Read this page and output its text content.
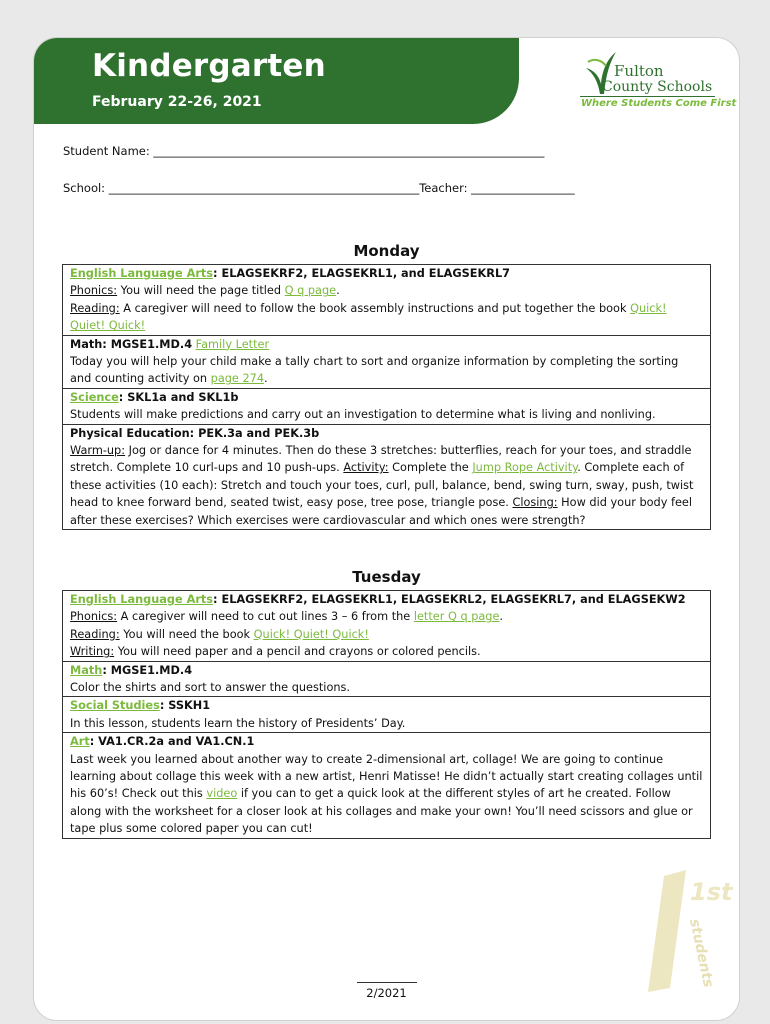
Kindergarten
February 22-26, 2021
Fulton
County Schools
Where Students Come First
Student Name: ____________________________________________________________________
School: ______________________________________________________Teacher: __________________
Monday
English Language Arts: ELAGSEKRF2, ELAGSEKRL1, and ELAGSEKRL7
Phonics: You will need the page titled Q q page.
Reading: A caregiver will need to follow the book assembly instructions and put together the book Quick! Quiet! Quick!
Math: MGSE1.MD.4 Family Letter
Today you will help your child make a tally chart to sort and organize information by completing the sorting and counting activity on page 274.
Science: SKL1a and SKL1b
Students will make predictions and carry out an investigation to determine what is living and nonliving.
Physical Education: PEK.3a and PEK.3b
Warm-up: Jog or dance for 4 minutes. Then do these 3 stretches: butterflies, reach for your toes, and straddle stretch. Complete 10 curl-ups and 10 push-ups. Activity: Complete the Jump Rope Activity. Complete each of these activities (10 each): Stretch and touch your toes, curl, pull, balance, bend, swing turn, sway, push, twist head to knee forward bend, seated twist, easy pose, tree pose, triangle pose. Closing: How did your body feel after these exercises? Which exercises were cardiovascular and which ones were strength?
Tuesday
English Language Arts: ELAGSEKRF2, ELAGSEKRL1, ELAGSEKRL2, ELAGSEKRL7, and ELAGSEKW2
Phonics: A caregiver will need to cut out lines 3 – 6 from the letter Q q page.
Reading: You will need the book Quick! Quiet! Quick!
Writing: You will need paper and a pencil and crayons or colored pencils.
Math: MGSE1.MD.4
Color the shirts and sort to answer the questions.
Social Studies: SSKH1
In this lesson, students learn the history of Presidents’ Day.
Art: VA1.CR.2a and VA1.CN.1
Last week you learned about another way to create 2-dimensional art, collage! We are going to continue learning about collage this week with a new artist, Henri Matisse! He didn’t actually start creating collages until his 60’s! Check out this video if you can to get a quick look at the different styles of art he created. Follow along with the worksheet for a closer look at his collages and make your own! You’ll need scissors and glue or tape plus some colored paper you can cut!
1st
students
2/2021
